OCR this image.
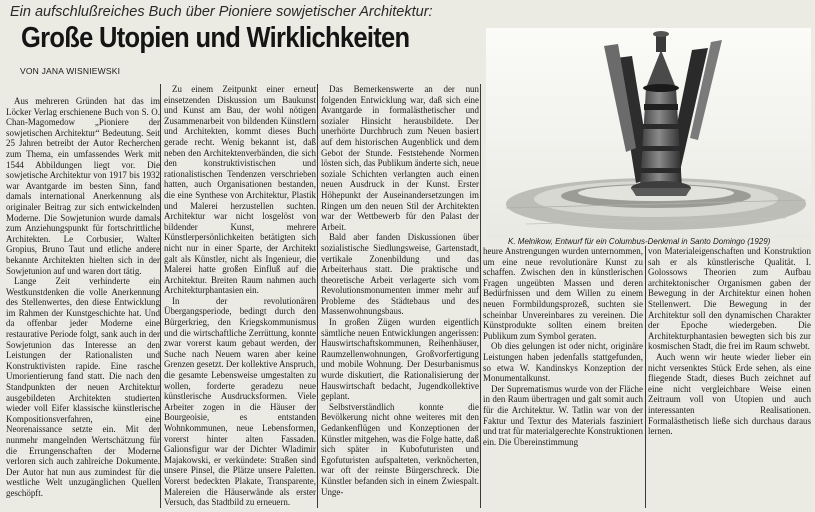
Ein aufschlußreiches Buch über Pioniere sowjetischer Architektur:
Große Utopien und Wirklichkeiten
VON JANA WISNIEWSKI

Aus mehreren Gründen hat das im Löcker Verlag erschienene Buch von S. O. Chan-Magomedow „Pioniere der sowjetischen Architektur“ Bedeutung. Seit 25 Jahren betreibt der Autor Recherchen zum Thema, ein umfassendes Werk mit 1544 Abbildungen liegt vor. Die sowjetische Architektur von 1917 bis 1932 war Avantgarde im besten Sinn, fand damals international Anerkennung als originaler Beitrag zur sich entwickelnden Moderne. Die Sowjetunion wurde damals zum Anziehungspunkt für fortschrittliche Architekten. Le Corbusier, Walter Gropius, Bruno Taut und etliche andere bekannte Architekten hielten sich in der Sowjetunion auf und waren dort tätig.

Lange Zeit verhinderte ein Westkunstdenken die volle Anerkennung des Stellenwertes, den diese Entwicklung im Rahmen der Kunstgeschichte hat. Und da offenbar jeder Moderne eine restaurative Periode folgt, sank auch in der Sowjetunion das Interesse an den Leistungen der Rationalisten und Konstruktivisten rapide. Eine rasche Umorientierung fand statt. Die nach den Standpunkten der neuen Architektur ausgebildeten Architekten studierten wieder voll Eifer klassische künstlerische Kompositionsverfahren, eine Neorenaissance setzte ein. Mit der nunmehr mangelnden Wertschätzung für die Errungenschaften der Moderne verloren sich auch zahlreiche Dokumente. Der Autor hat nun aus zumindest für die westliche Welt unzugänglichen Quellen geschöpft.

Zu einem Zeitpunkt einer erneut einsetzenden Diskussion um Baukunst und Kunst am Bau, der wohl nötigen Zusammenarbeit von bildenden Künstlern und Architekten, kommt dieses Buch gerade recht. Wenig bekannt ist, daß neben den Architektenverbänden, die sich den konstruktivistischen und rationalistischen Tendenzen verschrieben hatten, auch Organisationen bestanden, die eine Synthese von Architektur, Plastik und Malerei herzustellen suchten. Architektur war nicht losgelöst von bildender Kunst, mehrere Künstlerpersönlichkeiten betätigten sich nicht nur in einer Sparte, der Architekt galt als Künstler, nicht als Ingenieur, die Malerei hatte großen Einfluß auf die Architektur. Breiten Raum nahmen auch Architekturphantasien ein.

In der revolutionären Übergangsperiode, bedingt durch den Bürgerkrieg, den Kriegskommunismus und die wirtschaftliche Zerrüttung, konnte zwar vorerst kaum gebaut werden, der Suche nach Neuem waren aber keine Grenzen gesetzt. Der kollektive Anspruch, die gesamte Lebensweise umgestalten zu wollen, forderte geradezu neue künstlerische Ausdrucksformen. Viele Arbeiter zogen in die Häuser der Bourgeoisie, es entstanden Wohnkommunen, neue Lebensformen, vorerst hinter alten Fassaden. Galionsfigur war der Dichter Wladimir Majakowski, er verkündete: Straßen sind unsere Pinsel, die Plätze unsere Paletten. Vorerst bedeckten Plakate, Transparente, Malereien die Häuserwände als erster Versuch, das Stadtbild zu erneuern.

Das Bemerkenswerte an der nun folgenden Entwicklung war, daß sich eine Avantgarde in formalästhetischer und sozialer Hinsicht herausbildete. Der unerhörte Durchbruch zum Neuen basiert auf dem historischen Augenblick und dem Gebot der Stunde. Feststehende Normen lösten sich, das Publikum änderte sich, neue soziale Schichten verlangten auch einen neuen Ausdruck in der Kunst. Erster Höhepunkt der Auseinandersetzungen im Ringen um den neuen Stil der Architekten war der Wettbewerb für den Palast der Arbeit.

Bald aber fanden Diskussionen über sozialistische Siedlungsweise, Gartenstadt, vertikale Zonenbildung und das Arbeiterhaus statt. Die praktische und theoretische Arbeit verlagerte sich vom Revolutionsmonumenten immer mehr auf Probleme des Städtebaus und des Massenwohnungsbaus.

In großen Zügen wurden eigentlich sämtliche neuen Entwicklungen angerissen: Hauswirtschaftskommunen, Reihenhäuser, Raumzellenwohnungen, Großvorfertigung und mobile Wohnung. Der Desurbanismus wurde diskutiert, die Rationalisierung der Hauswirtschaft bedacht, Jugendkollektive geplant.

Selbstverständlich konnte die Bevölkerung nicht ohne weiteres mit den Gedankenflügen und Konzeptionen der Künstler mitgehen, was die Folge hatte, daß sich später in Kubofuturisten und Egofuturisten aufspalteten, verknöcherten, war oft der reinste Bürgerschreck. Die Künstler befanden sich in einem Zwiespalt. Unge-

K. Melnikow, Entwurf für ein Columbus-Denkmal in Santo Domingo (1929)

heure Anstrengungen wurden unternommen, um eine neue revolutionäre Kunst zu schaffen. Zwischen den in künstlerischen Fragen ungeübten Massen und deren Bedürfnissen und dem Willen zu einem neuen Formbildungsprozeß, suchten sie scheinbar Unvereinbares zu vereinen. Die Künstprodukte sollten einem breiten Publikum zum Symbol geraten.

Ob dies gelungen ist oder nicht, originäre Leistungen haben jedenfalls stattgefunden, so etwa W. Kandinskys Konzeption der Monumentalkunst.

Der Suprematismus wurde von der Fläche in den Raum übertragen und galt somit auch für die Architektur. W. Tatlin war von der Faktur und Textur des Materials fasziniert und trat für materialgerechte Konstruktionen ein. Die Übereinstimmung

von Materialeigenschaften und Konstruktion sah er als künstlerische Qualität. I. Golossows Theorien zum Aufbau architektonischer Organismen gaben der Bewegung in der Architektur einen hohen Stellenwert. Die Bewegung in der Architektur soll den dynamischen Charakter der Epoche wiedergeben. Die Architekturphantasien bewegten sich bis zur kosmischen Stadt, die frei im Raum schwebt.

Auch wenn wir heute wieder lieber ein nicht versenktes Stück Erde sehen, als eine fliegende Stadt, dieses Buch zeichnet auf eine nicht vergleichbare Weise einen Zeitraum voll von Utopien und auch interessanten Realisationen. Formalästhetisch ließe sich durchaus daraus lernen.
